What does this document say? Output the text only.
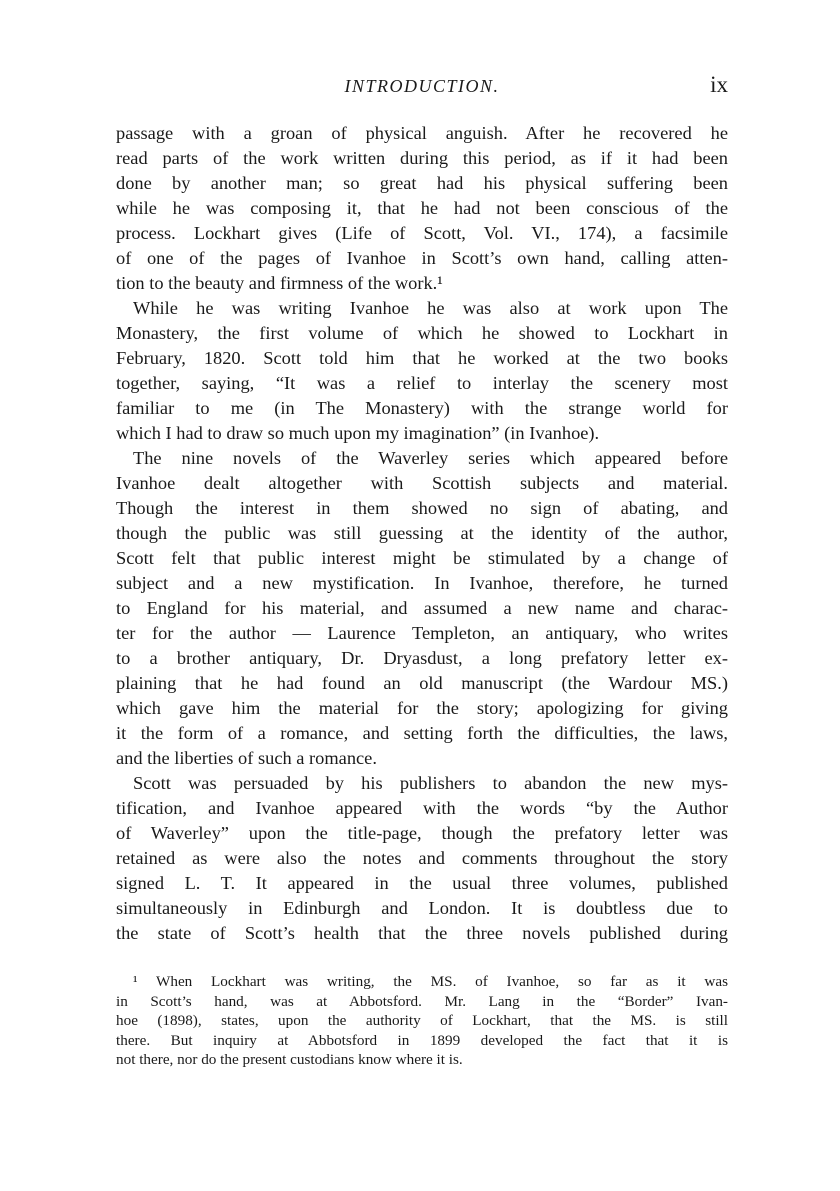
INTRODUCTION.	ix
passage with a groan of physical anguish. After he recovered he
read parts of the work written during this period, as if it had been
done by another man; so great had his physical suffering been
while he was composing it, that he had not been conscious of the
process. Lockhart gives (Life of Scott, Vol. VI., 174), a facsimile
of one of the pages of Ivanhoe in Scott’s own hand, calling atten-
tion to the beauty and firmness of the work.¹
While he was writing Ivanhoe he was also at work upon The
Monastery, the first volume of which he showed to Lockhart in
February, 1820. Scott told him that he worked at the two books
together, saying, “It was a relief to interlay the scenery most
familiar to me (in The Monastery) with the strange world for
which I had to draw so much upon my imagination” (in Ivanhoe).
The nine novels of the Waverley series which appeared before
Ivanhoe dealt altogether with Scottish subjects and material.
Though the interest in them showed no sign of abating, and
though the public was still guessing at the identity of the author,
Scott felt that public interest might be stimulated by a change of
subject and a new mystification. In Ivanhoe, therefore, he turned
to England for his material, and assumed a new name and charac-
ter for the author — Laurence Templeton, an antiquary, who writes
to a brother antiquary, Dr. Dryasdust, a long prefatory letter ex-
plaining that he had found an old manuscript (the Wardour MS.)
which gave him the material for the story; apologizing for giving
it the form of a romance, and setting forth the difficulties, the laws,
and the liberties of such a romance.
Scott was persuaded by his publishers to abandon the new mys-
tification, and Ivanhoe appeared with the words “by the Author
of Waverley” upon the title-page, though the prefatory letter was
retained as were also the notes and comments throughout the story
signed L. T. It appeared in the usual three volumes, published
simultaneously in Edinburgh and London. It is doubtless due to
the state of Scott’s health that the three novels published during
¹ When Lockhart was writing, the MS. of Ivanhoe, so far as it was
in Scott’s hand, was at Abbotsford. Mr. Lang in the “Border” Ivan-
hoe (1898), states, upon the authority of Lockhart, that the MS. is still
there. But inquiry at Abbotsford in 1899 developed the fact that it is
not there, nor do the present custodians know where it is.
